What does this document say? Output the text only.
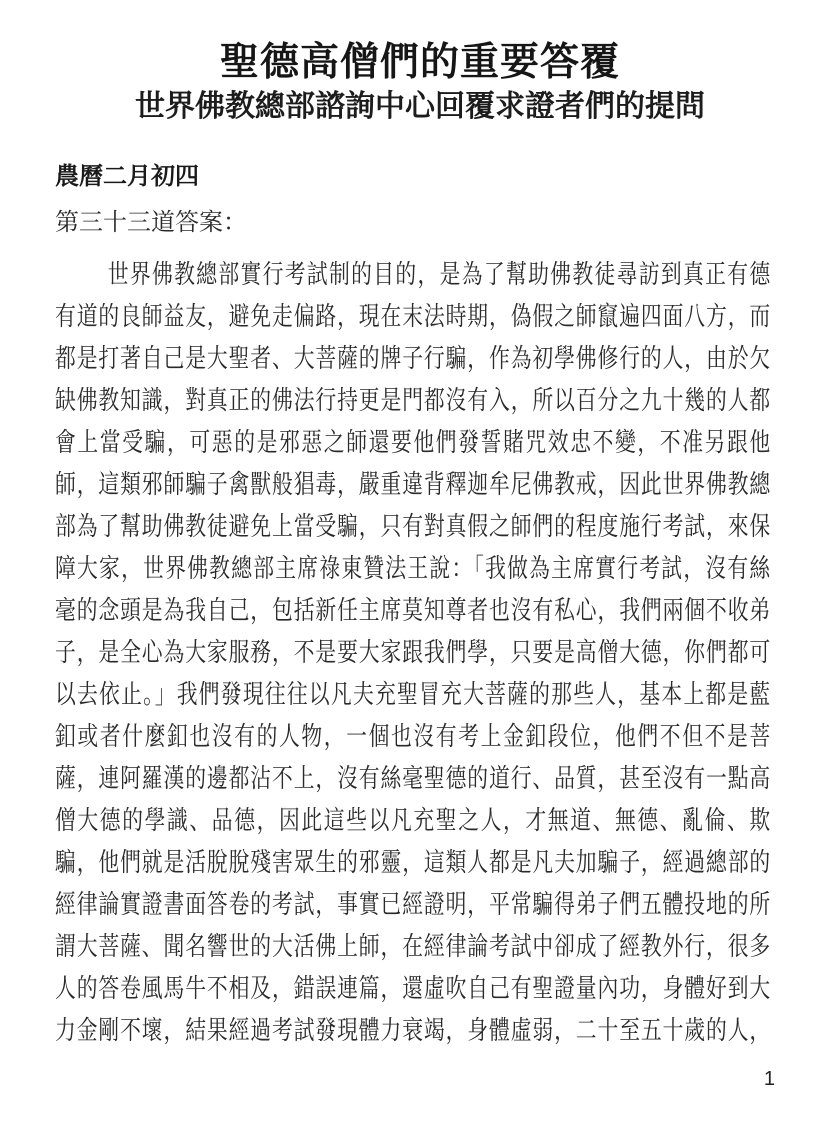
聖德高僧們的重要答覆
世界佛教總部諮詢中心回覆求證者們的提問
農曆二月初四
第三十三道答案：
世界佛教總部實行考試制的目的，是為了幫助佛教徒尋訪到真正有德
有道的良師益友，避免走偏路，現在末法時期，偽假之師竄遍四面八方，而
都是打著自己是大聖者、大菩薩的牌子行騙，作為初學佛修行的人，由於欠
缺佛教知識，對真正的佛法行持更是門都沒有入，所以百分之九十幾的人都
會上當受騙，可惡的是邪惡之師還要他們發誓賭咒效忠不變，不准另跟他
師，這類邪師騙子禽獸般猖毒，嚴重違背釋迦牟尼佛教戒，因此世界佛教總
部為了幫助佛教徒避免上當受騙，只有對真假之師們的程度施行考試，來保
障大家，世界佛教總部主席祿東贊法王說：「我做為主席實行考試，沒有絲
毫的念頭是為我自己，包括新任主席莫知尊者也沒有私心，我們兩個不收弟
子，是全心為大家服務，不是要大家跟我們學，只要是高僧大德，你們都可
以去依止。」我們發現往往以凡夫充聖冒充大菩薩的那些人，基本上都是藍
釦或者什麼釦也沒有的人物，一個也沒有考上金釦段位，他們不但不是菩
薩，連阿羅漢的邊都沾不上，沒有絲毫聖德的道行、品質，甚至沒有一點高
僧大德的學識、品德，因此這些以凡充聖之人，才無道、無德、亂倫、欺
騙，他們就是活脫脫殘害眾生的邪靈，這類人都是凡夫加騙子，經過總部的
經律論實證書面答卷的考試，事實已經證明，平常騙得弟子們五體投地的所
謂大菩薩、聞名響世的大活佛上師，在經律論考試中卻成了經教外行，很多
人的答卷風馬牛不相及，錯誤連篇，還虛吹自己有聖證量內功，身體好到大
力金剛不壞，結果經過考試發現體力衰竭，身體虛弱，二十至五十歲的人，
1
